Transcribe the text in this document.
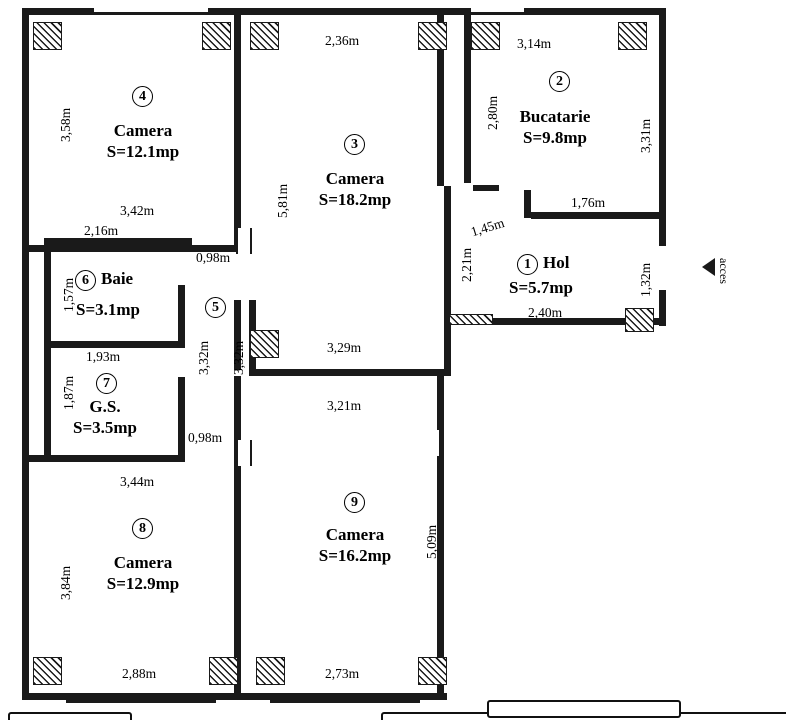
4
Camera
S=12.1mp	3
Camera
S=18.2mp
2
Bucatarie
S=9.8mp
1 Hol
S=5.7mp
6 Baie
S=3.1mp	5
7
G.S.
S=3.5mp
8
Camera
S=12.9mp
9
Camera
S=16.2mp
2,36m	3,14m
3,58m	2,80m
3,31m
5,81m
3,42m
1,76m
1,45m
2,16m
0,98m	2,21m	1,32m
1,57m
2,40m
3,32m 3,32m	3,29m
1,93m
1,87m	3,21m
0,98m
3,44m
5,09m
3,84m
2,88m	2,73m
acces
